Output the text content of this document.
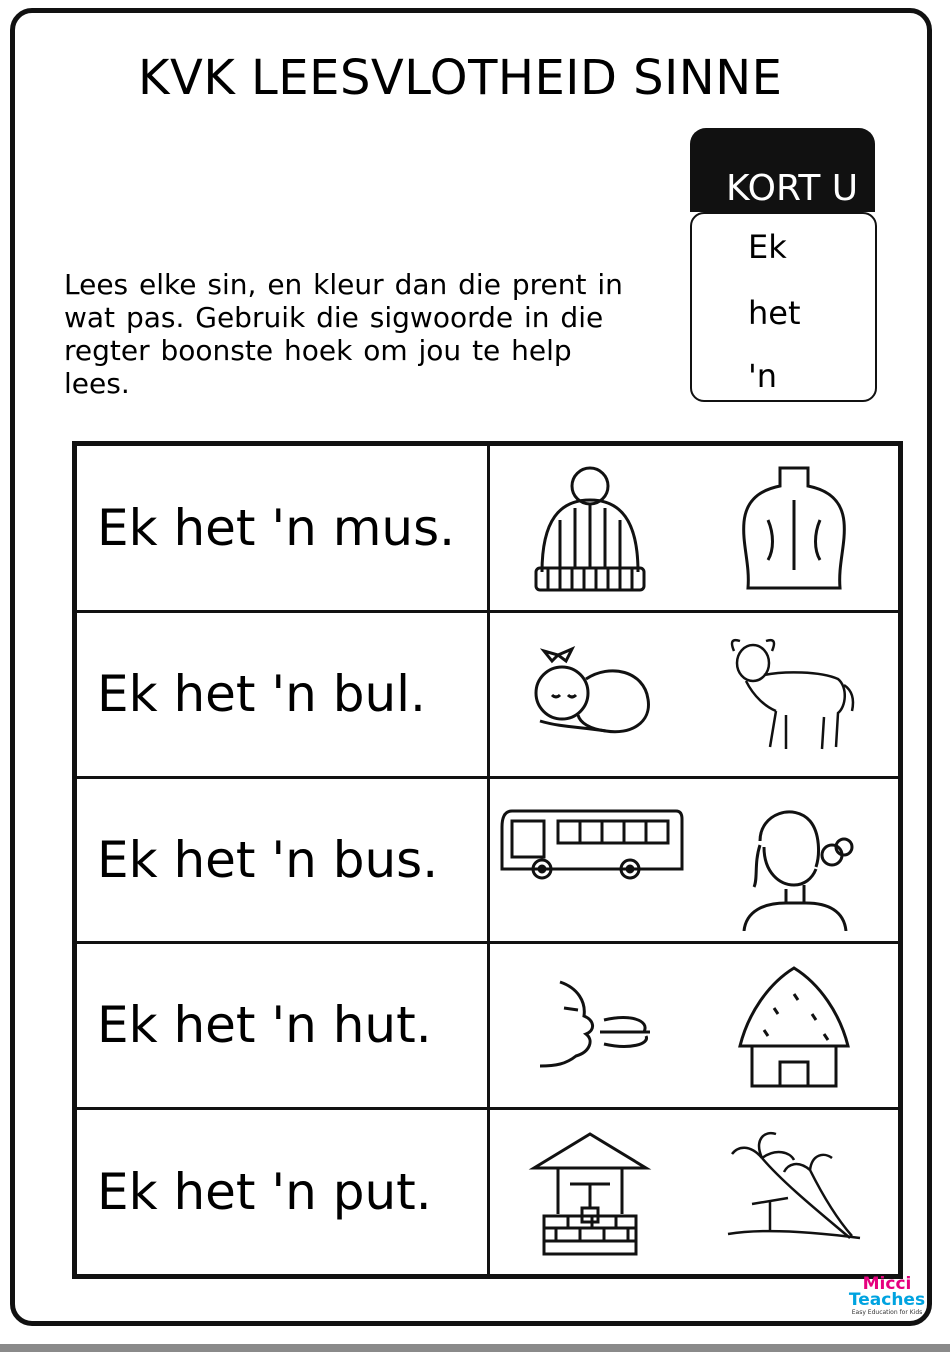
KVK LEESVLOTHEID SINNE
KORT U
Ek
het
'n
Lees elke sin, en kleur dan die prent in wat pas. Gebruik die sigwoorde in die regter boonste hoek om jou te help lees.
Ek het 'n mus.

Ek het 'n bul.

Ek het 'n bus.

Ek het 'n hut.

Ek het 'n put.

Micci
Teaches
Easy Education for Kids
